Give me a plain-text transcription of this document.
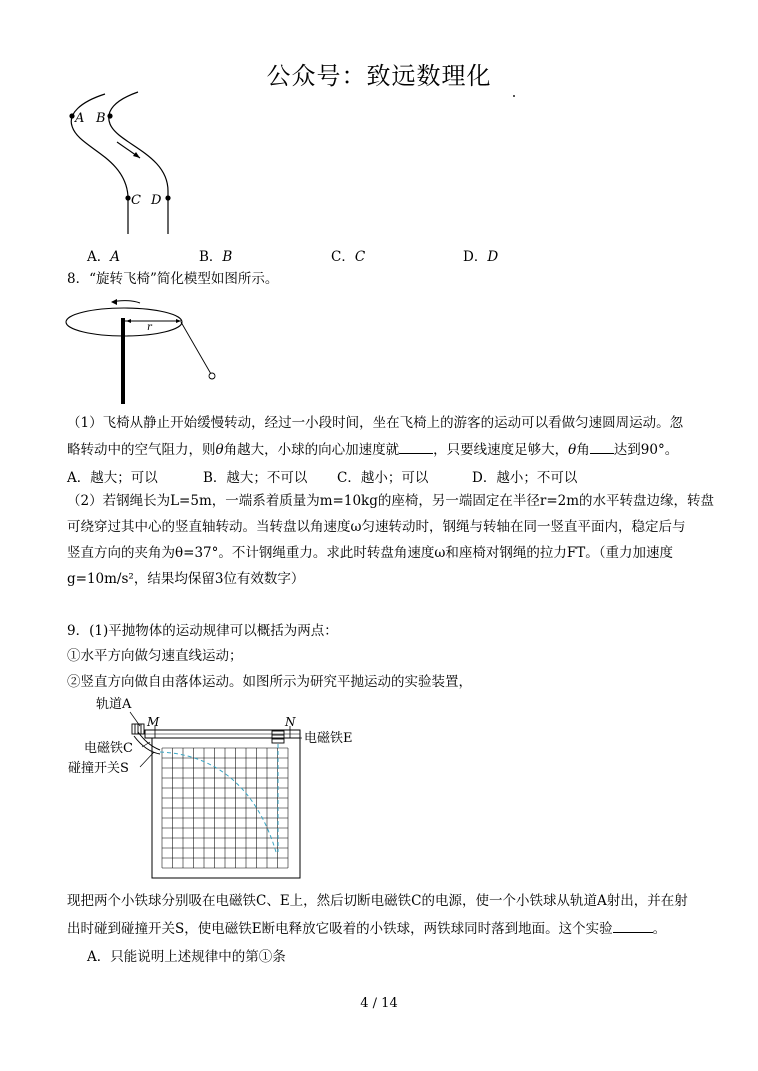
公众号：致远数理化
A B
C D
A．A	B．B	C．C	D．D
8．“旋转飞椅”简化模型如图所示。
r
（1）飞椅从静止开始缓慢转动，经过一小段时间，坐在飞椅上的游客的运动可以看做匀速圆周运动。忽
略转动中的空气阻力，则θ角越大，小球的向心加速度就	，只要线速度足够大，θ角 达到90°。
A．越大；可以	B．越大；不可以 C．越小；可以	D．越小；不可以
（2）若钢绳长为L=5m，一端系着质量为m=10kg的座椅，另一端固定在半径r=2m的水平转盘边缘，转盘
可绕穿过其中心的竖直轴转动。当转盘以角速度ω匀速转动时，钢绳与转轴在同一竖直平面内，稳定后与
竖直方向的夹角为θ=37°。不计钢绳重力。求此时转盘角速度ω和座椅对钢绳的拉力FT。（重力加速度
g=10m/s²，结果均保留3位有效数字）
9．(1)平抛物体的运动规律可以概括为两点：
①水平方向做匀速直线运动；
②竖直方向做自由落体运动。如图所示为研究平抛运动的实验装置，
轨道A
电磁铁C
碰撞开关S
电磁铁E
M	N
现把两个小铁球分别吸在电磁铁C、E上，然后切断电磁铁C的电源，使一个小铁球从轨道A射出，并在射
出时碰到碰撞开关S，使电磁铁E断电释放它吸着的小铁球，两铁球同时落到地面。这个实验	。
A．只能说明上述规律中的第①条
4 / 14
